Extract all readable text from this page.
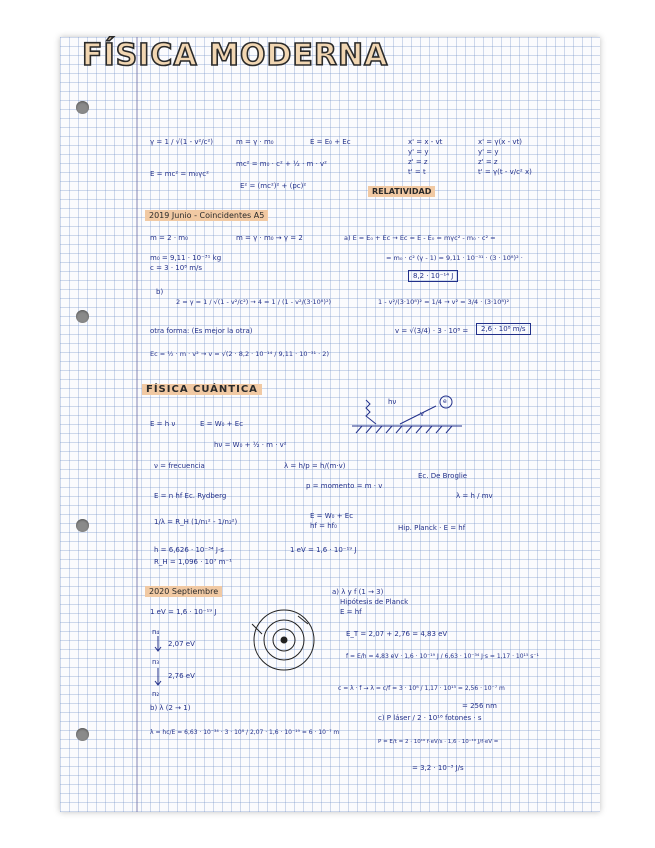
FÍSICA MODERNA
γ = 1 / √(1 - v²/c²)	m = γ · m₀	E = E₀ + Ec
mc² = m₀ · c² + ½ · m · v²
E = mc² = m₀γc²
E² = (mc²)² + (pc)²
x' = x - vt
y' = y
z' = z
t' = t
x' = γ(x - vt)
y' = y
z' = z
t' = γ(t - v/c² x)
RELATIVIDAD
2019 Junio - Coincidentes A5
m = 2 · m₀	m = γ · m₀ → γ = 2	a) E = E₀ + Ec → Ec = E - E₀ = mγc² - m₀ · c² =
m₀ = 9,11 · 10⁻³¹ kg
c = 3 · 10⁸ m/s
= m₀ · c² (γ - 1) = 9,11 · 10⁻³¹ · (3 · 10⁸)² ·
8,2 · 10⁻¹⁴ J
b)
2 = γ = 1 / √(1 - v²/c²) → 4 = 1 / (1 - v²/(3·10⁸)²)	1 - v²/(3·10⁸)² = 1/4 → v² = 3/4 · (3·10⁸)²
otra forma: (Es mejor la otra)	v = √(3/4) · 3 · 10⁸ =	2,6 · 10⁸ m/s
Ec = ½ · m · v² → v = √(2 · 8,2 · 10⁻¹⁴ / 9,11 · 10⁻³¹ · 2)
FÍSICA CUÁNTICA
E = h ν	E = W₀ + Ec
hν = W₀ + ½ · m · v²
hν
v
e
ν = frecuencia	λ = h/p = h/(m·v)
Ec. De Broglie
p = momento = m · v
E = n hf Ec. Rydberg	λ = h / mv
1/λ = R_H (1/n₁² - 1/n₂²)
E = W₀ + Ec
hf = hf₀	Hip. Planck · E = hf
h = 6,626 · 10⁻³⁴ J·s	1 eV = 1,6 · 10⁻¹⁹ J
R_H = 1,096 · 10⁷ m⁻¹
2020 Septiembre
1 eV = 1,6 · 10⁻¹⁹ J
n₄
2,07 eV
n₃
2,76 eV
n₂
b) λ (2 → 1)
a) λ y f (1 → 3)
Hipótesis de Planck
E = hf
E_T = 2,07 + 2,76 = 4,83 eV
f = E/h = 4,83 eV · 1,6 · 10⁻¹⁹ J / 6,63 · 10⁻³⁴ J·s = 1,17 · 10¹⁵ s⁻¹
c = λ · f → λ = c/f = 3 · 10⁸ / 1,17 · 10¹⁵ = 2,56 · 10⁻⁷ m
= 256 nm
c) P láser / 2 · 10¹⁶ fotones · s
λ = hc/E = 6,63 · 10⁻³⁴ · 3 · 10⁸ / 2,07 · 1,6 · 10⁻¹⁹ = 6 · 10⁻⁷ m
P = E/t = 2 · 10¹⁶ f·eV/s · 1,6 · 10⁻¹⁹ J/f·eV =
= 3,2 · 10⁻³ J/s
